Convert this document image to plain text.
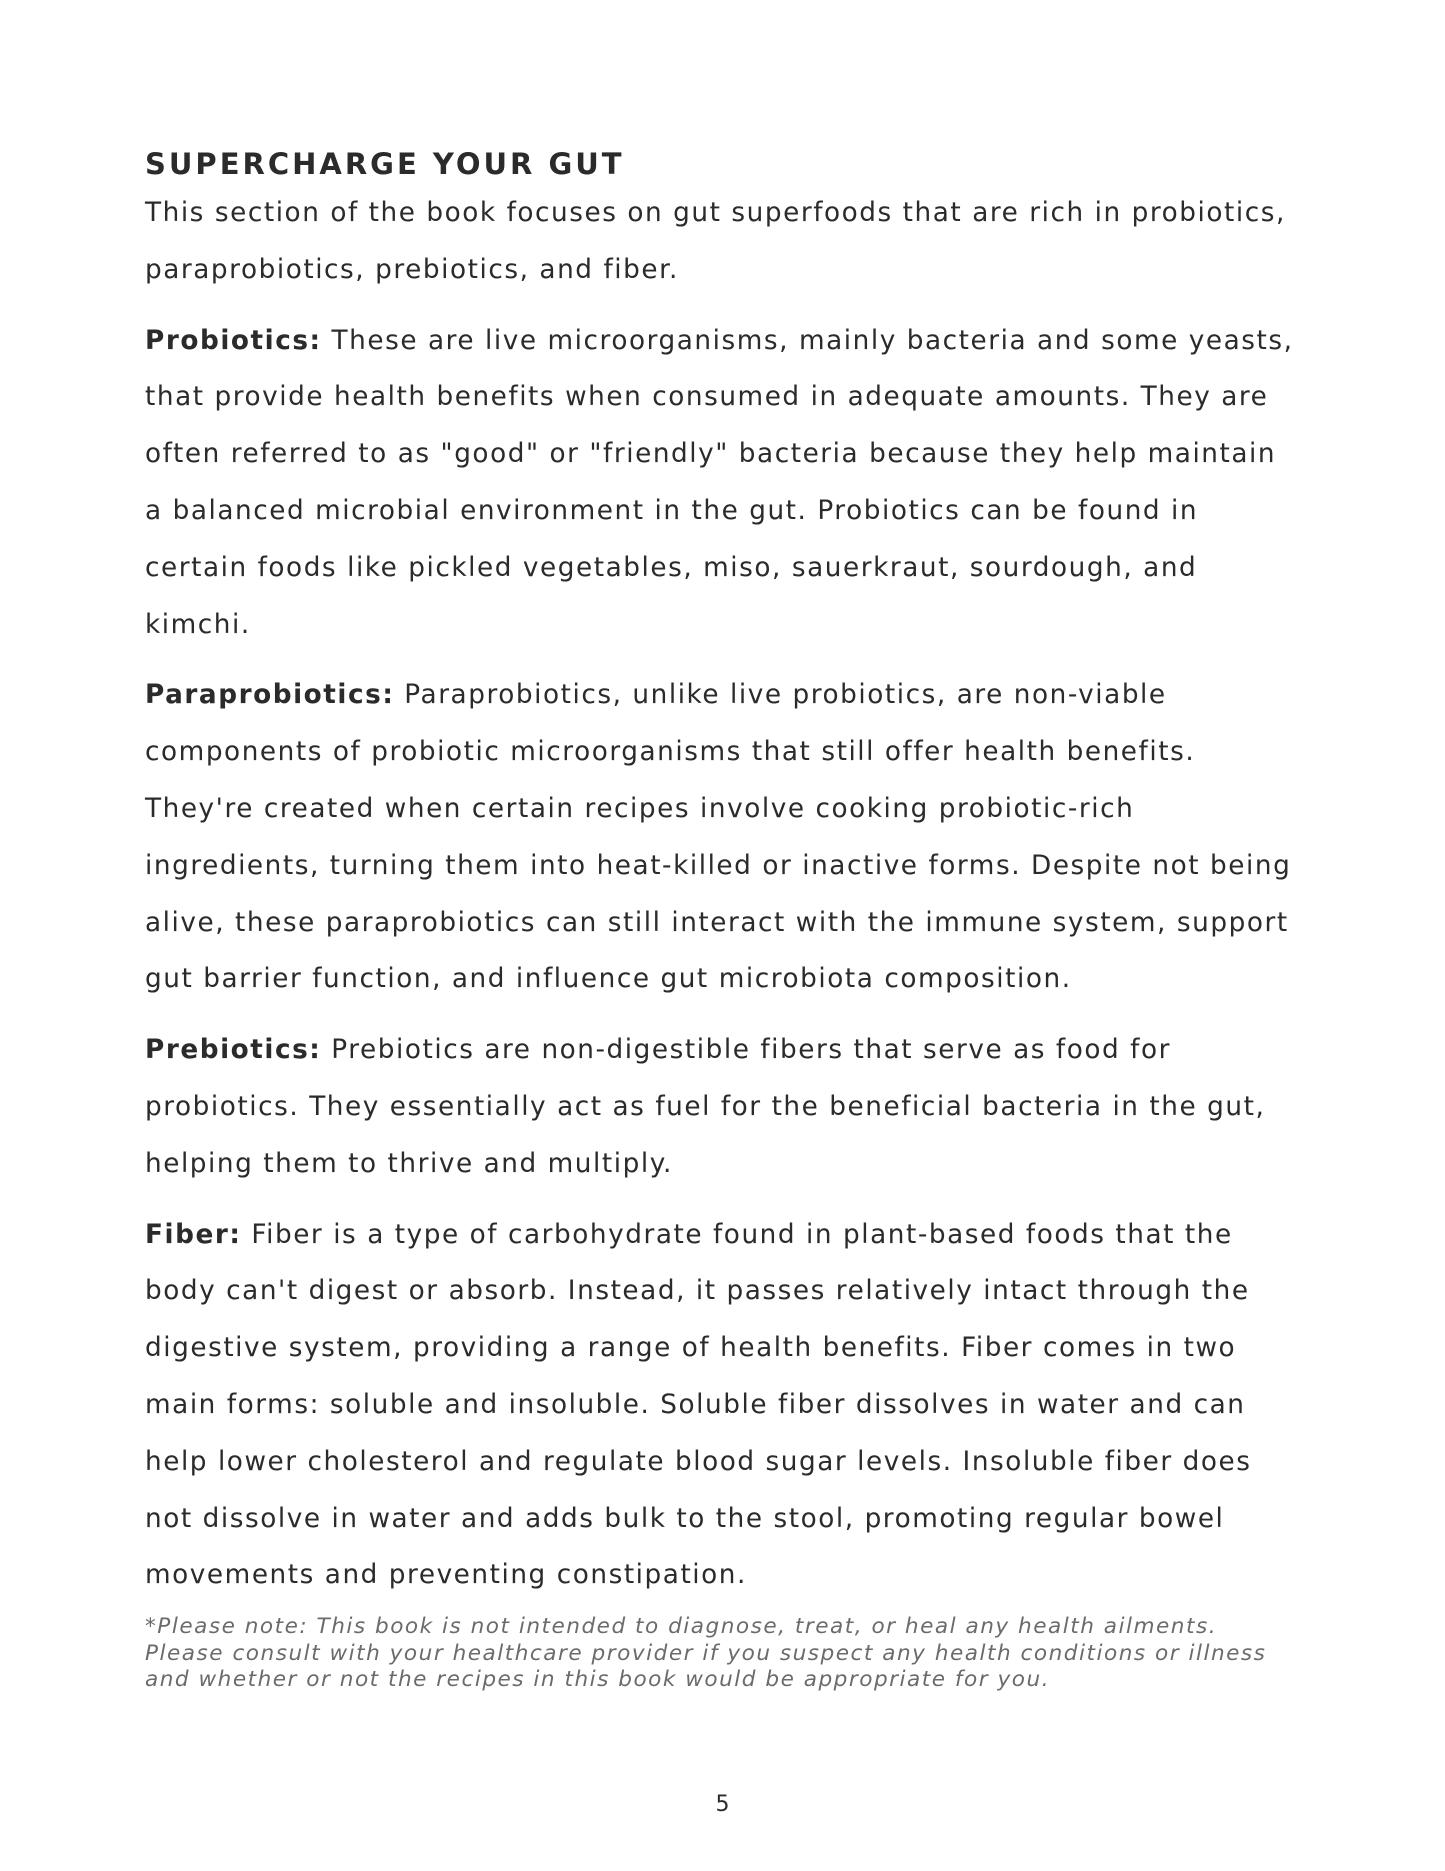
SUPERCHARGE YOUR GUT

This section of the book focuses on gut superfoods that are rich in probiotics, paraprobiotics, prebiotics, and fiber.

Probiotics: These are live microorganisms, mainly bacteria and some yeasts, that provide health benefits when consumed in adequate amounts. They are often referred to as "good" or "friendly" bacteria because they help maintain a balanced microbial environment in the gut. Probiotics can be found in certain foods like pickled vegetables, miso, sauerkraut, sourdough, and kimchi.

Paraprobiotics: Paraprobiotics, unlike live probiotics, are non-viable components of probiotic microorganisms that still offer health benefits. They're created when certain recipes involve cooking probiotic-rich ingredients, turning them into heat-killed or inactive forms. Despite not being alive, these paraprobiotics can still interact with the immune system, support gut barrier function, and influence gut microbiota composition.

Prebiotics: Prebiotics are non-digestible fibers that serve as food for probiotics. They essentially act as fuel for the beneficial bacteria in the gut, helping them to thrive and multiply.

Fiber: Fiber is a type of carbohydrate found in plant-based foods that the body can't digest or absorb. Instead, it passes relatively intact through the digestive system, providing a range of health benefits. Fiber comes in two main forms: soluble and insoluble. Soluble fiber dissolves in water and can help lower cholesterol and regulate blood sugar levels. Insoluble fiber does not dissolve in water and adds bulk to the stool, promoting regular bowel movements and preventing constipation.

*Please note: This book is not intended to diagnose, treat, or heal any health ailments. Please consult with your healthcare provider if you suspect any health conditions or illness and whether or not the recipes in this book would be appropriate for you.

5
